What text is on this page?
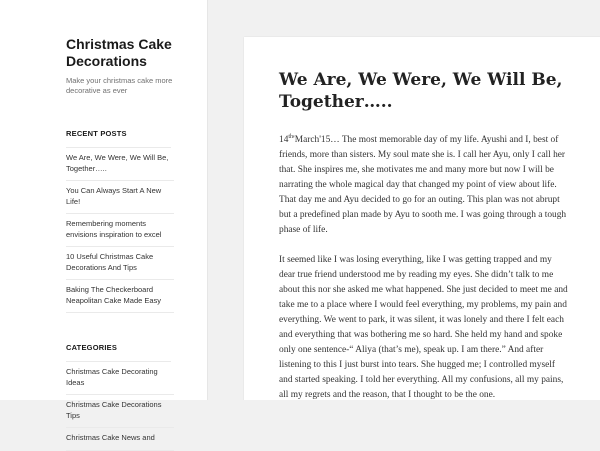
Christmas Cake Decorations
Make your christmas cake more decorative as ever
RECENT POSTS
We Are, We Were, We Will Be, Together…..
You Can Always Start A New Life!
Remembering moments envisions inspiration to excel
10 Useful Christmas Cake Decorations And Tips
Baking The Checkerboard Neapolitan Cake Made Easy
CATEGORIES
Christmas Cake Decorating Ideas
Christmas Cake Decorations Tips
Christmas Cake News and
We Are, We Were, We Will Be, Together…..

14th'March'15… The most memorable day of my life. Ayushi and I, best of friends, more than sisters. My soul mate she is. I call her Ayu, only I call her that. She inspires me, she motivates me and many more but now I will be narrating the whole magical day that changed my point of view about life. That day me and Ayu decided to go for an outing. This plan was not abrupt but a predefined plan made by Ayu to sooth me. I was going through a tough phase of life.

It seemed like I was losing everything, like I was getting trapped and my dear true friend understood me by reading my eyes. She didn’t talk to me about this nor she asked me what happened. She just decided to meet me and take me to a place where I would feel everything, my problems, my pain and everything. We went to park, it was silent, it was lonely and there I felt each and everything that was bothering me so hard. She held my hand and spoke only one sentence-“ Aliya (that’s me), speak up. I am there.” And after listening to this I just burst into tears. She hugged me; I controlled myself and started speaking. I told her everything. All my confusions, all my pains, all my regrets and the reason, that I thought to be the one.
